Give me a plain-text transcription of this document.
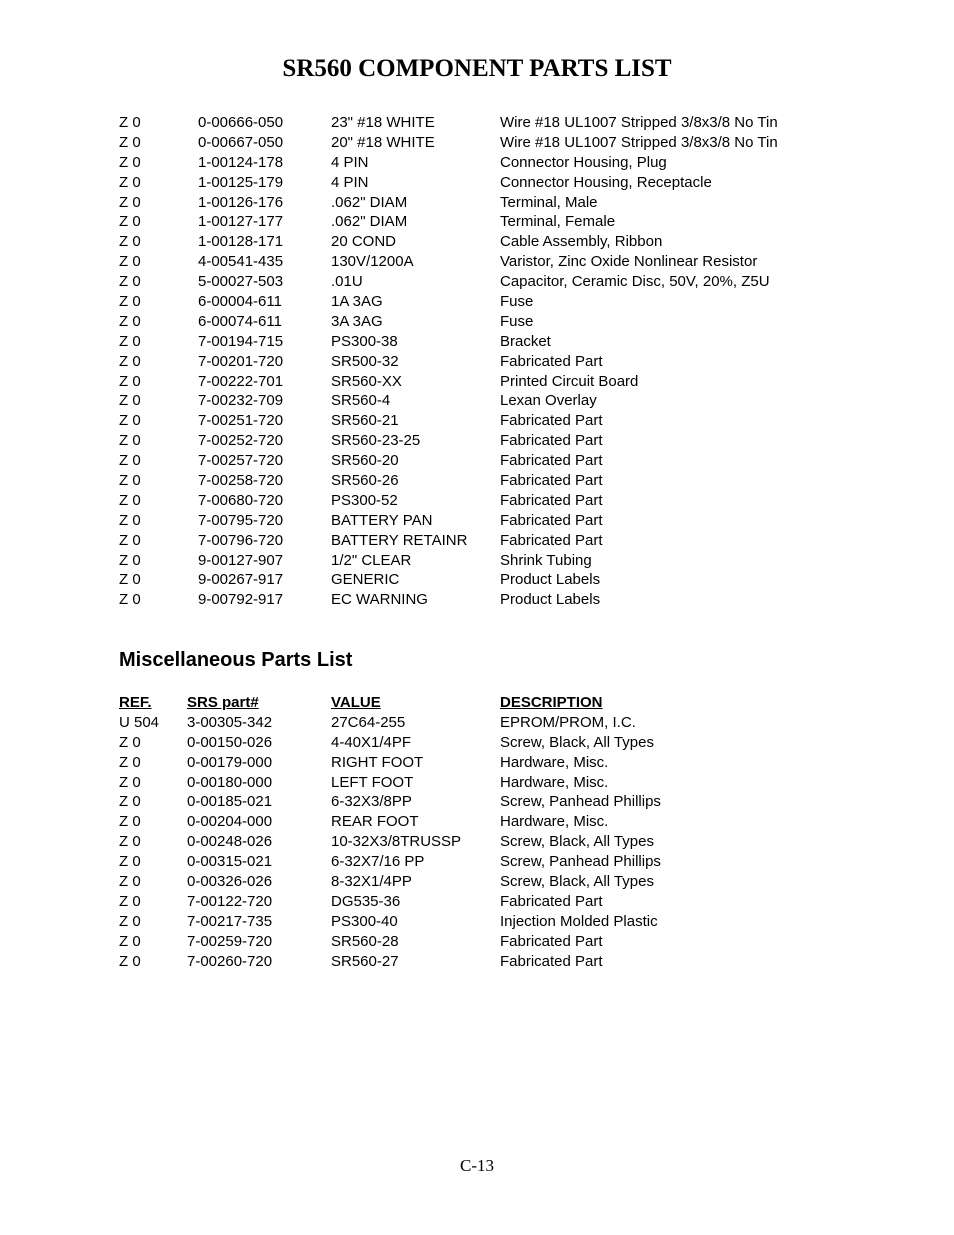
SR560 COMPONENT PARTS LIST
Z 0	0-00666-050	23" #18 WHITE	Wire #18 UL1007 Stripped 3/8x3/8 No Tin
Z 0	0-00667-050	20" #18 WHITE	Wire #18 UL1007 Stripped 3/8x3/8 No Tin
Z 0	1-00124-178	4 PIN	Connector Housing, Plug
Z 0	1-00125-179	4 PIN	Connector Housing, Receptacle
Z 0	1-00126-176	.062" DIAM	Terminal, Male
Z 0	1-00127-177	.062" DIAM	Terminal, Female
Z 0	1-00128-171	20 COND	Cable Assembly, Ribbon
Z 0	4-00541-435	130V/1200A	Varistor, Zinc Oxide Nonlinear Resistor
Z 0	5-00027-503	.01U	Capacitor, Ceramic Disc, 50V, 20%, Z5U
Z 0	6-00004-611	1A 3AG	Fuse
Z 0	6-00074-611	3A 3AG	Fuse
Z 0	7-00194-715	PS300-38	Bracket
Z 0	7-00201-720	SR500-32	Fabricated Part
Z 0	7-00222-701	SR560-XX	Printed Circuit Board
Z 0	7-00232-709	SR560-4	Lexan Overlay
Z 0	7-00251-720	SR560-21	Fabricated Part
Z 0	7-00252-720	SR560-23-25	Fabricated Part
Z 0	7-00257-720	SR560-20	Fabricated Part
Z 0	7-00258-720	SR560-26	Fabricated Part
Z 0	7-00680-720	PS300-52	Fabricated Part
Z 0	7-00795-720	BATTERY PAN	Fabricated Part
Z 0	7-00796-720	BATTERY RETAINR	Fabricated Part
Z 0	9-00127-907	1/2" CLEAR	Shrink Tubing
Z 0	9-00267-917	GENERIC	Product Labels
Z 0	9-00792-917	EC WARNING	Product Labels
Miscellaneous Parts List
REF.	SRS part#	VALUE	DESCRIPTION
U 504	3-00305-342	27C64-255	EPROM/PROM, I.C.
Z 0	0-00150-026	4-40X1/4PF	Screw, Black, All Types
Z 0	0-00179-000	RIGHT FOOT	Hardware, Misc.
Z 0	0-00180-000	LEFT FOOT	Hardware, Misc.
Z 0	0-00185-021	6-32X3/8PP	Screw, Panhead Phillips
Z 0	0-00204-000	REAR FOOT	Hardware, Misc.
Z 0	0-00248-026	10-32X3/8TRUSSP	Screw, Black, All Types
Z 0	0-00315-021	6-32X7/16 PP	Screw, Panhead Phillips
Z 0	0-00326-026	8-32X1/4PP	Screw, Black, All Types
Z 0	7-00122-720	DG535-36	Fabricated Part
Z 0	7-00217-735	PS300-40	Injection Molded Plastic
Z 0	7-00259-720	SR560-28	Fabricated Part
Z 0	7-00260-720	SR560-27	Fabricated Part
C-13
